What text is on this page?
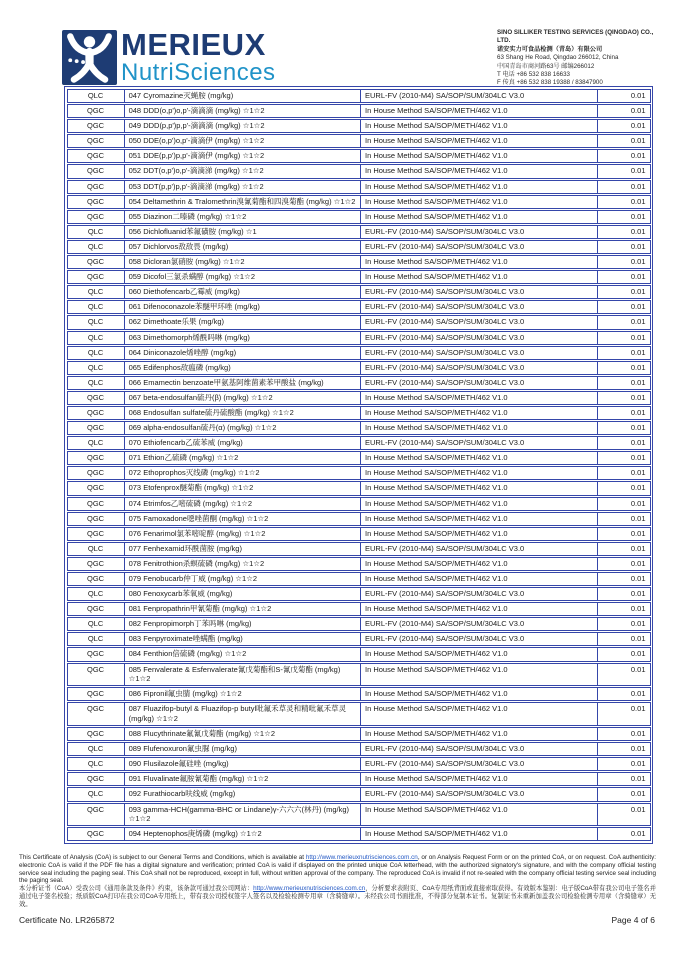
MERIEUX
NutriSciences
SINO SILLIKER TESTING SERVICES (QINGDAO) CO., LTD.
诺安实力可食品检测（青岛）有限公司
63 Shang He Road, Qingdao 266012, China
中国青岛市商河路63号 邮编266012
T 电话 +86 532 838 16633
F 传真 +86 532 838 19388 / 83847900
QLC	047 Cyromazine灭蝇胺 (mg/kg)	EURL-FV (2010-M4) SA/SOP/SUM/304LC V3.0	0.01
QGC	048 DDD(o,p')o,p'-滴滴滴 (mg/kg) ☆1☆2	In House Method SA/SOP/METH/462 V1.0	0.01
QGC	049 DDD(p,p')p,p'-滴滴滴 (mg/kg) ☆1☆2	In House Method SA/SOP/METH/462 V1.0	0.01
QGC	050 DDE(o,p')o,p'-滴滴伊 (mg/kg) ☆1☆2	In House Method SA/SOP/METH/462 V1.0	0.01
QGC	051 DDE(p,p')p,p'-滴滴伊 (mg/kg) ☆1☆2	In House Method SA/SOP/METH/462 V1.0	0.01
QGC	052 DDT(o,p')o,p'-滴滴涕 (mg/kg) ☆1☆2	In House Method SA/SOP/METH/462 V1.0	0.01
QGC	053 DDT(p,p')p,p'-滴滴涕 (mg/kg) ☆1☆2	In House Method SA/SOP/METH/462 V1.0	0.01
QGC	054 Deltamethrin & Tralomethrin溴氰菊酯和四溴菊酯 (mg/kg) ☆1☆2	In House Method SA/SOP/METH/462 V1.0	0.01
QGC	055 Diazinon二嗪磷 (mg/kg) ☆1☆2	In House Method SA/SOP/METH/462 V1.0	0.01
QLC	056 Dichlofluanid苯氟磺胺 (mg/kg) ☆1	EURL-FV (2010-M4) SA/SOP/SUM/304LC V3.0	0.01
QLC	057 Dichlorvos敌敌畏 (mg/kg)	EURL-FV (2010-M4) SA/SOP/SUM/304LC V3.0	0.01
QGC	058 Dicloran氯硝胺 (mg/kg) ☆1☆2	In House Method SA/SOP/METH/462 V1.0	0.01
QGC	059 Dicofol三氯杀螨醇 (mg/kg) ☆1☆2	In House Method SA/SOP/METH/462 V1.0	0.01
QLC	060 Diethofencarb乙霉威 (mg/kg)	EURL-FV (2010-M4) SA/SOP/SUM/304LC V3.0	0.01
QLC	061 Difenoconazole苯醚甲环唑 (mg/kg)	EURL-FV (2010-M4) SA/SOP/SUM/304LC V3.0	0.01
QLC	062 Dimethoate乐果 (mg/kg)	EURL-FV (2010-M4) SA/SOP/SUM/304LC V3.0	0.01
QLC	063 Dimethomorph烯酰吗啉 (mg/kg)	EURL-FV (2010-M4) SA/SOP/SUM/304LC V3.0	0.01
QLC	064 Diniconazole烯唑醇 (mg/kg)	EURL-FV (2010-M4) SA/SOP/SUM/304LC V3.0	0.01
QLC	065 Edifenphos敌瘟磷 (mg/kg)	EURL-FV (2010-M4) SA/SOP/SUM/304LC V3.0	0.01
QLC	066 Emamectin benzoate甲氨基阿维菌素苯甲酸盐 (mg/kg)	EURL-FV (2010-M4) SA/SOP/SUM/304LC V3.0	0.01
QGC	067 beta-endosulfan硫丹(β) (mg/kg) ☆1☆2	In House Method SA/SOP/METH/462 V1.0	0.01
QGC	068 Endosulfan sulfate硫丹硫酸酯 (mg/kg) ☆1☆2	In House Method SA/SOP/METH/462 V1.0	0.01
QGC	069 alpha-endosulfan硫丹(α) (mg/kg) ☆1☆2	In House Method SA/SOP/METH/462 V1.0	0.01
QLC	070 Ethiofencarb乙硫苯威 (mg/kg)	EURL-FV (2010-M4) SA/SOP/SUM/304LC V3.0	0.01
QGC	071 Ethion乙硫磷 (mg/kg) ☆1☆2	In House Method SA/SOP/METH/462 V1.0	0.01
QGC	072 Ethoprophos灭线磷 (mg/kg) ☆1☆2	In House Method SA/SOP/METH/462 V1.0	0.01
QGC	073 Etofenprox醚菊酯 (mg/kg) ☆1☆2	In House Method SA/SOP/METH/462 V1.0	0.01
QGC	074 Etrimfos乙嘧硫磷 (mg/kg) ☆1☆2	In House Method SA/SOP/METH/462 V1.0	0.01
QGC	075 Famoxadone噁唑菌酮 (mg/kg) ☆1☆2	In House Method SA/SOP/METH/462 V1.0	0.01
QGC	076 Fenarimol氯苯嘧啶醇 (mg/kg) ☆1☆2	In House Method SA/SOP/METH/462 V1.0	0.01
QLC	077 Fenhexamid环酰菌胺 (mg/kg)	EURL-FV (2010-M4) SA/SOP/SUM/304LC V3.0	0.01
QGC	078 Fenitrothion杀螟硫磷 (mg/kg) ☆1☆2	In House Method SA/SOP/METH/462 V1.0	0.01
QGC	079 Fenobucarb仲丁威 (mg/kg) ☆1☆2	In House Method SA/SOP/METH/462 V1.0	0.01
QLC	080 Fenoxycarb苯氧威 (mg/kg)	EURL-FV (2010-M4) SA/SOP/SUM/304LC V3.0	0.01
QGC	081 Fenpropathrin甲氰菊酯 (mg/kg) ☆1☆2	In House Method SA/SOP/METH/462 V1.0	0.01
QLC	082 Fenpropimorph丁苯吗啉 (mg/kg)	EURL-FV (2010-M4) SA/SOP/SUM/304LC V3.0	0.01
QLC	083 Fenpyroximate唑螨酯 (mg/kg)	EURL-FV (2010-M4) SA/SOP/SUM/304LC V3.0	0.01
QGC	084 Fenthion倍硫磷 (mg/kg) ☆1☆2	In House Method SA/SOP/METH/462 V1.0	0.01
QGC	085 Fenvalerate & Esfenvalerate氰戊菊酯和S-氰戊菊酯 (mg/kg) ☆1☆2	In House Method SA/SOP/METH/462 V1.0	0.01
QGC	086 Fipronil氟虫腈 (mg/kg) ☆1☆2	In House Method SA/SOP/METH/462 V1.0	0.01
QGC	087 Fluazifop-butyl & Fluazifop-p butyl吡氟禾草灵和精吡氟禾草灵 (mg/kg) ☆1☆2	In House Method SA/SOP/METH/462 V1.0	0.01
QGC	088 Flucythrinate氟氰戊菊酯 (mg/kg) ☆1☆2	In House Method SA/SOP/METH/462 V1.0	0.01
QLC	089 Flufenoxuron氟虫脲 (mg/kg)	EURL-FV (2010-M4) SA/SOP/SUM/304LC V3.0	0.01
QLC	090 Flusilazole氟硅唑 (mg/kg)	EURL-FV (2010-M4) SA/SOP/SUM/304LC V3.0	0.01
QGC	091 Fluvalinate氟胺氰菊酯 (mg/kg) ☆1☆2	In House Method SA/SOP/METH/462 V1.0	0.01
QLC	092 Furathiocarb呋线威 (mg/kg)	EURL-FV (2010-M4) SA/SOP/SUM/304LC V3.0	0.01
QGC	093 gamma-HCH(gamma-BHC or Lindane)γ-六六六(林丹) (mg/kg) ☆1☆2	In House Method SA/SOP/METH/462 V1.0	0.01
QGC	094 Heptenophos庚烯磷 (mg/kg) ☆1☆2	In House Method SA/SOP/METH/462 V1.0	0.01
This Certificate of Analysis (CoA) is subject to our General Terms and Conditions, which is available at http://www.merieuxnutrisciences.com.cn, or on Analysis Request Form or on the printed CoA, or on request. CoA authenticity: electronic CoA is valid if the PDF file has a digital signature and verification; printed CoA is valid if displayed on the printed unique CoA letterhead, with the authorized signatory's signature, and with the company official testing service seal including the paging seal. This CoA shall not be reproduced, except in full, without written approval of the company. The reproduced CoA is invalid if not re-sealed with the company official testing service seal including the paging seal.
本分析证书（CoA）受我公司《通用条款及条件》约束，该条款可通过我公司网站：http://www.merieuxnutrisciences.com.cn，分析要求表附页、CoA专用纸背面或直接索取获得。有效版本鉴别：电子版CoA带有我公司电子签名并通过电子签名校验；纸质版CoA打印在我公司CoA专用纸上，带有我公司授权签字人签名以及检验检测专用章（含骑缝章）。未经我公司书面批准，不得部分复制本证书。复制证书未重新加盖我公司检验检测专用章（含骑缝章）无效。
Certificate No. LR265872	Page 4 of 6
